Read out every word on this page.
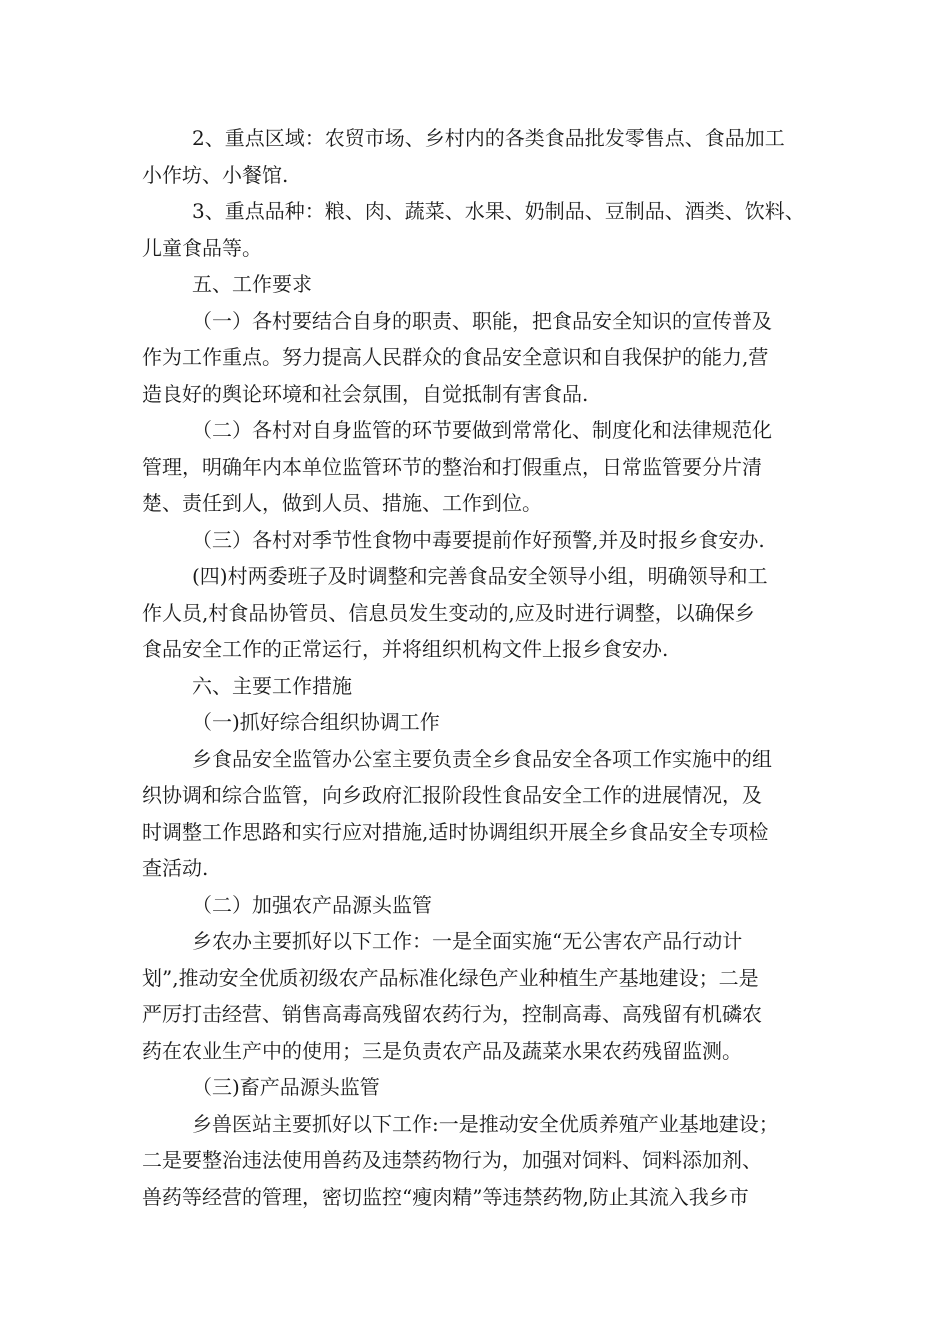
2、重点区域：农贸市场、乡村内的各类食品批发零售点、食品加工
小作坊、小餐馆.
3、重点品种：粮、肉、蔬菜、水果、奶制品、豆制品、酒类、饮料、
儿童食品等。
五、工作要求
（一）各村要结合自身的职责、职能，把食品安全知识的宣传普及
作为工作重点。努力提高人民群众的食品安全意识和自我保护的能力,营
造良好的舆论环境和社会氛围，自觉抵制有害食品.
（二）各村对自身监管的环节要做到常常化、制度化和法律规范化
管理，明确年内本单位监管环节的整治和打假重点，日常监管要分片清
楚、责任到人，做到人员、措施、工作到位。
（三）各村对季节性食物中毒要提前作好预警,并及时报乡食安办.
(四)村两委班子及时调整和完善食品安全领导小组，明确领导和工
作人员,村食品协管员、信息员发生变动的,应及时进行调整，以确保乡
食品安全工作的正常运行，并将组织机构文件上报乡食安办.
六、主要工作措施
（一)抓好综合组织协调工作
乡食品安全监管办公室主要负责全乡食品安全各项工作实施中的组
织协调和综合监管，向乡政府汇报阶段性食品安全工作的进展情况，及
时调整工作思路和实行应对措施,适时协调组织开展全乡食品安全专项检
查活动.
（二）加强农产品源头监管
乡农办主要抓好以下工作：一是全面实施“无公害农产品行动计
划”,推动安全优质初级农产品标准化绿色产业种植生产基地建设；二是
严厉打击经营、销售高毒高残留农药行为，控制高毒、高残留有机磷农
药在农业生产中的使用；三是负责农产品及蔬菜水果农药残留监测。
（三)畜产品源头监管
乡兽医站主要抓好以下工作:一是推动安全优质养殖产业基地建设；
二是要整治违法使用兽药及违禁药物行为，加强对饲料、饲料添加剂、
兽药等经营的管理，密切监控“瘦肉精”等违禁药物,防止其流入我乡市
